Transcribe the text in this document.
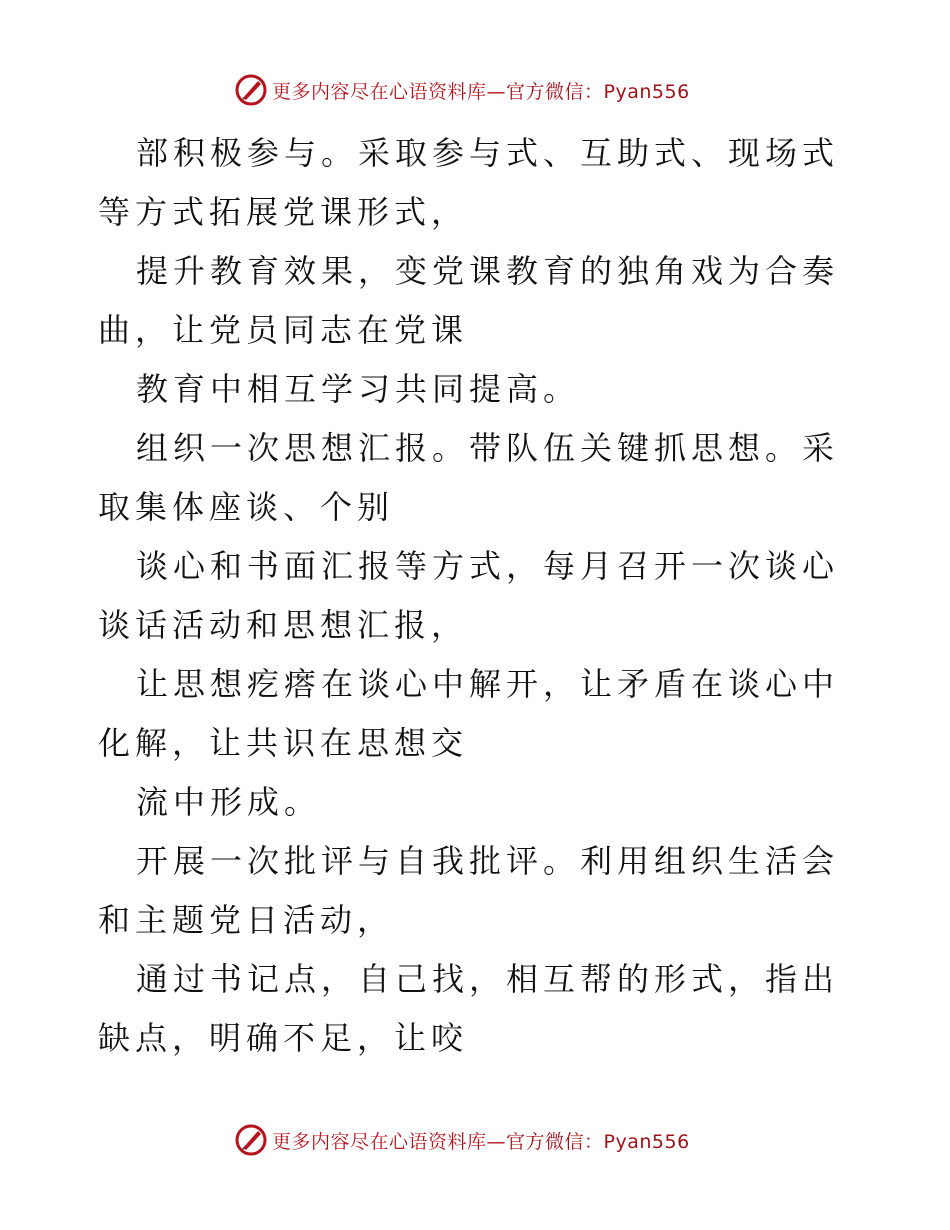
更多内容尽在心语资料库—官方微信：Pyan556

部积极参与。采取参与式、互助式、现场式等方式拓展党课形式，

提升教育效果，变党课教育的独角戏为合奏曲，让党员同志在党课

教育中相互学习共同提高。

组织一次思想汇报。带队伍关键抓思想。采取集体座谈、个别

谈心和书面汇报等方式，每月召开一次谈心谈话活动和思想汇报，

让思想疙瘩在谈心中解开，让矛盾在谈心中化解，让共识在思想交

流中形成。

开展一次批评与自我批评。利用组织生活会和主题党日活动，

通过书记点，自己找，相互帮的形式，指出缺点，明确不足，让咬

更多内容尽在心语资料库—官方微信：Pyan556
